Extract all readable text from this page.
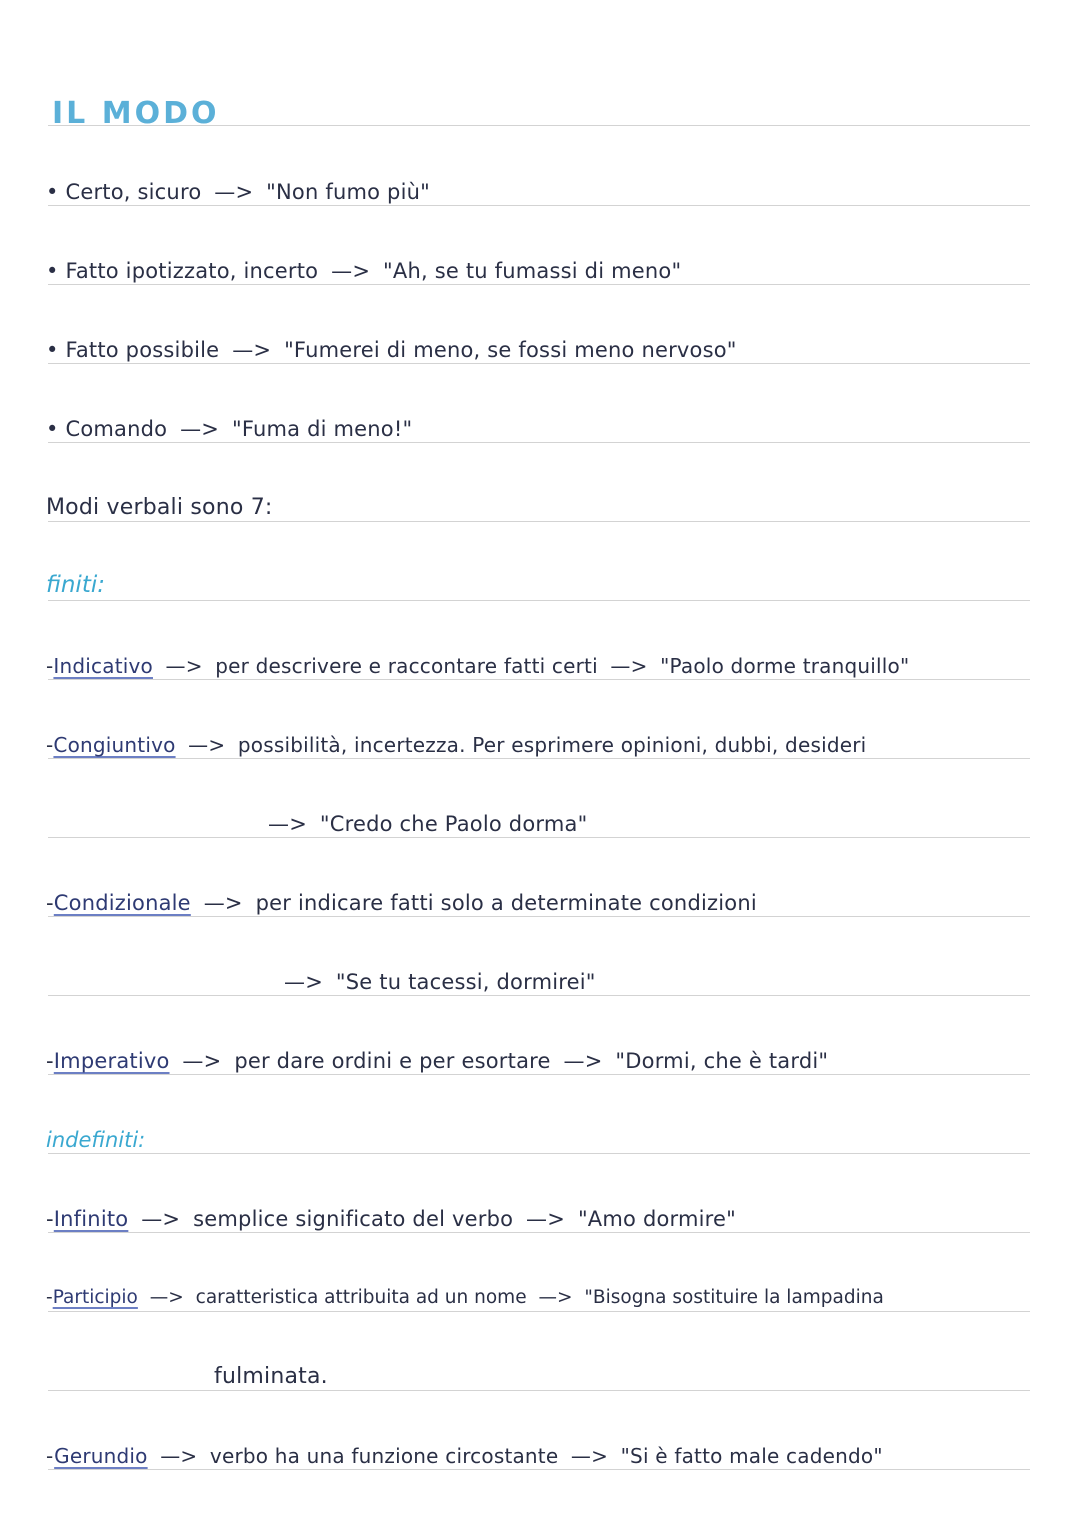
IL MODO
• Certo, sicuro —> "Non fumo più"
• Fatto ipotizzato, incerto —> "Ah, se tu fumassi di meno"
• Fatto possibile —> "Fumerei di meno, se fossi meno nervoso"
• Comando —> "Fuma di meno!"
Modi verbali sono 7:
finiti:
-Indicativo —> per descrivere e raccontare fatti certi —> "Paolo dorme tranquillo"
-Congiuntivo —> possibilità, incertezza. Per esprimere opinioni, dubbi, desideri
—> "Credo che Paolo dorma"
-Condizionale —> per indicare fatti solo a determinate condizioni
—> "Se tu tacessi, dormirei"
-Imperativo —> per dare ordini e per esortare —> "Dormi, che è tardi"
indefiniti:
-Infinito —> semplice significato del verbo —> "Amo dormire"
-Participio —> caratteristica attribuita ad un nome —> "Bisogna sostituire la lampadina
fulminata.
-Gerundio —> verbo ha una funzione circostante —> "Si è fatto male cadendo"
